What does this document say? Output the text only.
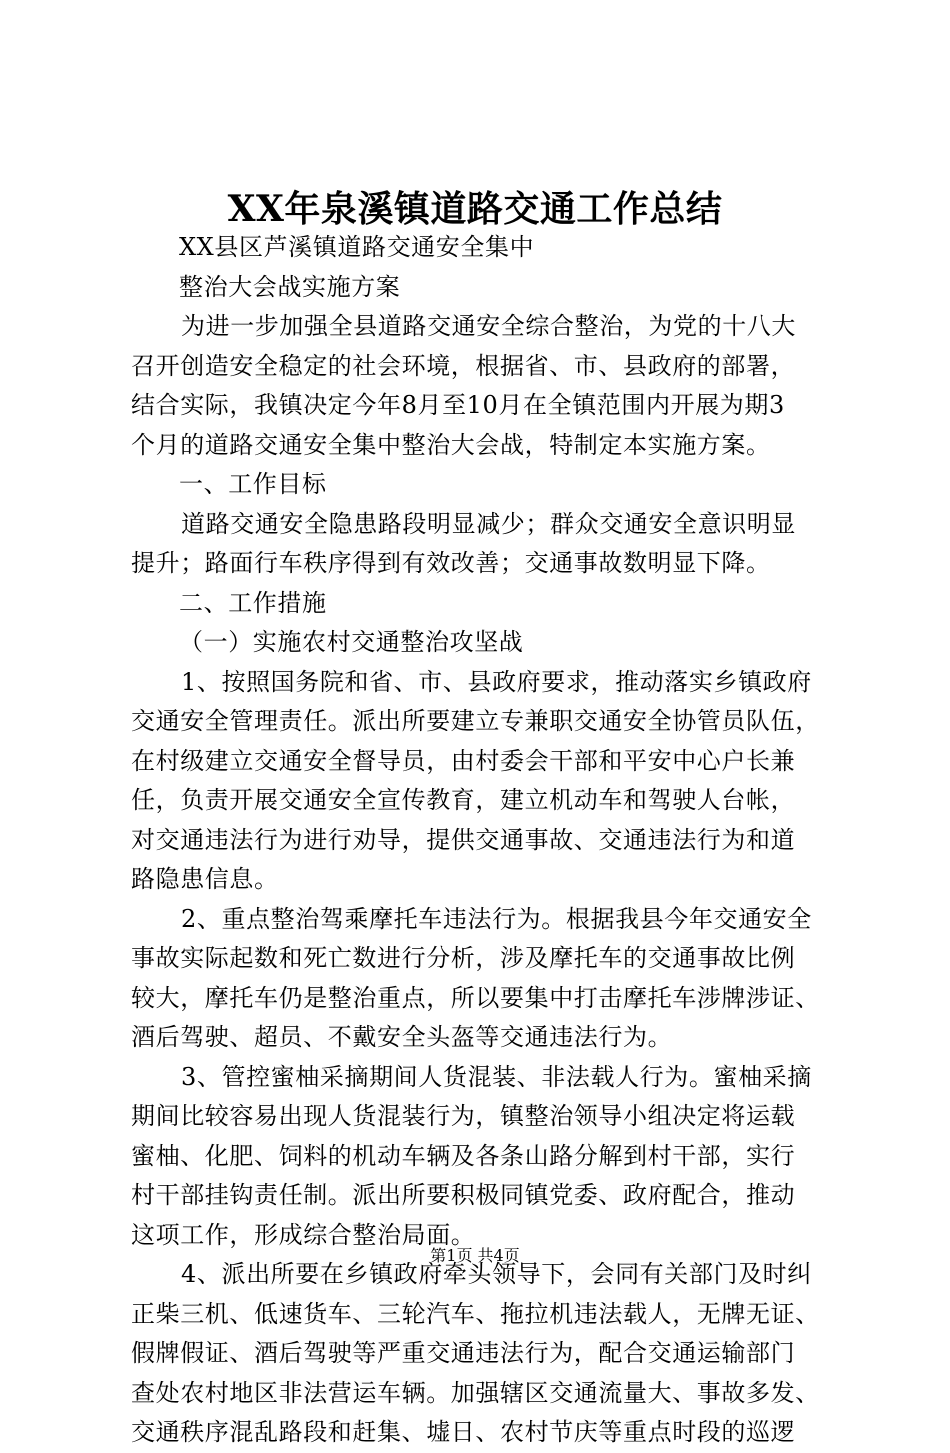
XX年泉溪镇道路交通工作总结
XX县区芦溪镇道路交通安全集中
整治大会战实施方案
为进一步加强全县道路交通安全综合整治，为党的十八大
召开创造安全稳定的社会环境，根据省、市、县政府的部署，
结合实际，我镇决定今年8月至10月在全镇范围内开展为期3
个月的道路交通安全集中整治大会战，特制定本实施方案。
一、工作目标
道路交通安全隐患路段明显减少；群众交通安全意识明显
提升；路面行车秩序得到有效改善；交通事故数明显下降。
二、工作措施
（一）实施农村交通整治攻坚战
1、按照国务院和省、市、县政府要求，推动落实乡镇政府
交通安全管理责任。派出所要建立专兼职交通安全协管员队伍，
在村级建立交通安全督导员，由村委会干部和平安中心户长兼
任，负责开展交通安全宣传教育，建立机动车和驾驶人台帐，
对交通违法行为进行劝导，提供交通事故、交通违法行为和道
路隐患信息。
2、重点整治驾乘摩托车违法行为。根据我县今年交通安全
事故实际起数和死亡数进行分析，涉及摩托车的交通事故比例
较大，摩托车仍是整治重点，所以要集中打击摩托车涉牌涉证、
酒后驾驶、超员、不戴安全头盔等交通违法行为。
3、管控蜜柚采摘期间人货混装、非法载人行为。蜜柚采摘
期间比较容易出现人货混装行为，镇整治领导小组决定将运载
蜜柚、化肥、饲料的机动车辆及各条山路分解到村干部，实行
村干部挂钩责任制。派出所要积极同镇党委、政府配合，推动
这项工作，形成综合整治局面。
4、派出所要在乡镇政府牵头领导下，会同有关部门及时纠
正柴三机、低速货车、三轮汽车、拖拉机违法载人，无牌无证、
假牌假证、酒后驾驶等严重交通违法行为，配合交通运输部门
查处农村地区非法营运车辆。加强辖区交通流量大、事故多发、
交通秩序混乱路段和赶集、墟日、农村节庆等重点时段的巡逻
第1页 共4页
